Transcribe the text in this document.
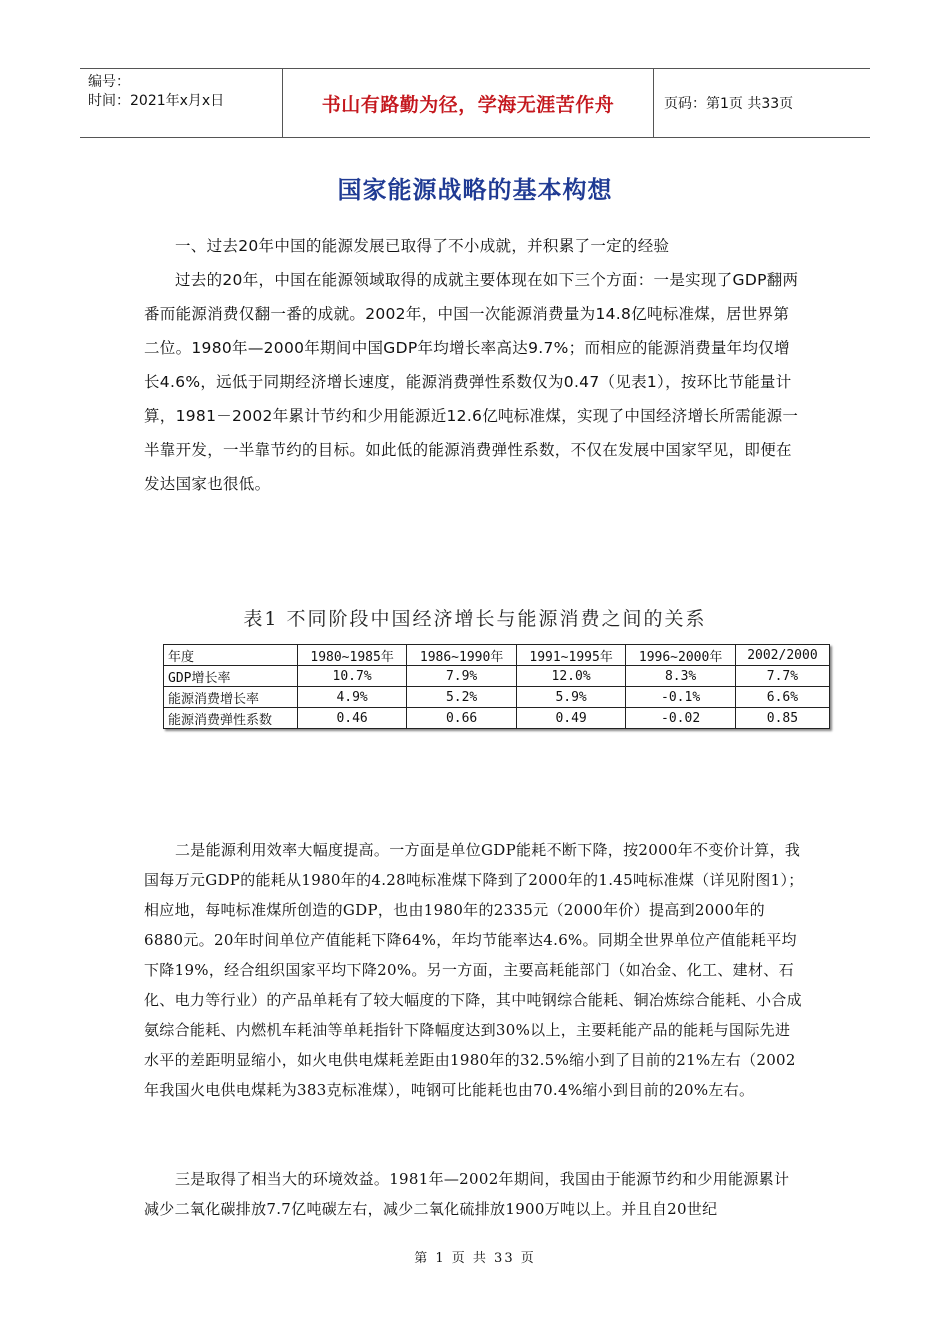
编号：
时间：2021年x月x日	书山有路勤为径，学海无涯苦作舟	页码：第1页 共33页
国家能源战略的基本构想

一、过去20年中国的能源发展已取得了不小成就，并积累了一定的经验

过去的20年，中国在能源领域取得的成就主要体现在如下三个方面：一是实现了GDP翻两番而能源消费仅翻一番的成就。2002年，中国一次能源消费量为14.8亿吨标准煤，居世界第二位。1980年—2000年期间中国GDP年均增长率高达9.7%；而相应的能源消费量年均仅增长4.6%，远低于同期经济增长速度，能源消费弹性系数仅为0.47（见表1），按环比节能量计算，1981－2002年累计节约和少用能源近12.6亿吨标准煤，实现了中国经济增长所需能源一半靠开发，一半靠节约的目标。如此低的能源消费弹性系数，不仅在发展中国家罕见，即便在发达国家也很低。

表1 不同阶段中国经济增长与能源消费之间的关系
年度	1980~1985年	1986~1990年	1991~1995年	1996~2000年	2002/2000
GDP增长率	10.7%	7.9%	12.0%	8.3%	7.7%
能源消费增长率	4.9%	5.2%	5.9%	-0.1%	6.6%
能源消费弹性系数	0.46	0.66	0.49	-0.02	0.85

二是能源利用效率大幅度提高。一方面是单位GDP能耗不断下降，按2000年不变价计算，我国每万元GDP的能耗从1980年的4.28吨标准煤下降到了2000年的1.45吨标准煤（详见附图1）；相应地，每吨标准煤所创造的GDP，也由1980年的2335元（2000年价）提高到2000年的6880元。20年时间单位产值能耗下降64%，年均节能率达4.6%。同期全世界单位产值能耗平均下降19%，经合组织国家平均下降20%。另一方面，主要高耗能部门（如冶金、化工、建材、石化、电力等行业）的产品单耗有了较大幅度的下降，其中吨钢综合能耗、铜冶炼综合能耗、小合成氨综合能耗、内燃机车耗油等单耗指针下降幅度达到30%以上，主要耗能产品的能耗与国际先进水平的差距明显缩小，如火电供电煤耗差距由1980年的32.5%缩小到了目前的21%左右（2002年我国火电供电煤耗为383克标准煤），吨钢可比能耗也由70.4%缩小到目前的20%左右。

三是取得了相当大的环境效益。1981年—2002年期间，我国由于能源节约和少用能源累计减少二氧化碳排放7.7亿吨碳左右，减少二氧化硫排放1900万吨以上。并且自20世纪

第 1 页 共 33 页
